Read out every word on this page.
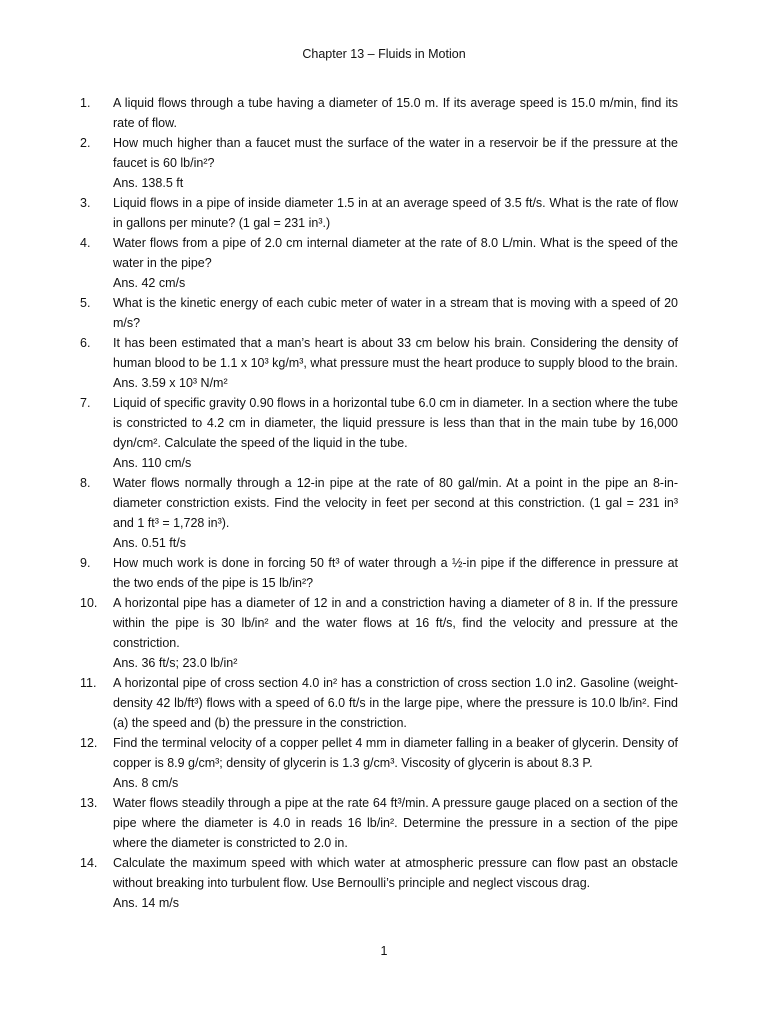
Chapter 13 – Fluids in Motion
1.	A liquid flows through a tube having a diameter of 15.0 m. If its average speed is 15.0 m/min, find its rate of flow.
2.	How much higher than a faucet must the surface of the water in a reservoir be if the pressure at the faucet is 60 lb/in²?
Ans. 138.5 ft
3.	Liquid flows in a pipe of inside diameter 1.5 in at an average speed of 3.5 ft/s. What is the rate of flow in gallons per minute? (1 gal = 231 in³.)
4.	Water flows from a pipe of 2.0 cm internal diameter at the rate of 8.0 L/min. What is the speed of the water in the pipe?
Ans. 42 cm/s
5.	What is the kinetic energy of each cubic meter of water in a stream that is moving with a speed of 20 m/s?
6.	It has been estimated that a man’s heart is about 33 cm below his brain. Considering the density of human blood to be 1.1 x 10³ kg/m³, what pressure must the heart produce to supply blood to the brain.
Ans. 3.59 x 10³ N/m²
7.	Liquid of specific gravity 0.90 flows in a horizontal tube 6.0 cm in diameter. In a section where the tube is constricted to 4.2 cm in diameter, the liquid pressure is less than that in the main tube by 16,000 dyn/cm². Calculate the speed of the liquid in the tube.
Ans. 110 cm/s
8.	Water flows normally through a 12-in pipe at the rate of 80 gal/min. At a point in the pipe an 8-in-diameter constriction exists. Find the velocity in feet per second at this constriction. (1 gal = 231 in³ and 1 ft³ = 1,728 in³).
Ans. 0.51 ft/s
9.	How much work is done in forcing 50 ft³ of water through a ½-in pipe if the difference in pressure at the two ends of the pipe is 15 lb/in²?
10.	A horizontal pipe has a diameter of 12 in and a constriction having a diameter of 8 in. If the pressure within the pipe is 30 lb/in² and the water flows at 16 ft/s, find the velocity and pressure at the constriction.
Ans. 36 ft/s; 23.0 lb/in²
11.	A horizontal pipe of cross section 4.0 in² has a constriction of cross section 1.0 in2. Gasoline (weight-density 42 lb/ft³) flows with a speed of 6.0 ft/s in the large pipe, where the pressure is 10.0 lb/in². Find (a) the speed and (b) the pressure in the constriction.
12.	Find the terminal velocity of a copper pellet 4 mm in diameter falling in a beaker of glycerin. Density of copper is 8.9 g/cm³; density of glycerin is 1.3 g/cm³. Viscosity of glycerin is about 8.3 P.
Ans. 8 cm/s
13.	Water flows steadily through a pipe at the rate 64 ft³/min. A pressure gauge placed on a section of the pipe where the diameter is 4.0 in reads 16 lb/in². Determine the pressure in a section of the pipe where the diameter is constricted to 2.0 in.
14.	Calculate the maximum speed with which water at atmospheric pressure can flow past an obstacle without breaking into turbulent flow. Use Bernoulli’s principle and neglect viscous drag.
Ans. 14 m/s
1
